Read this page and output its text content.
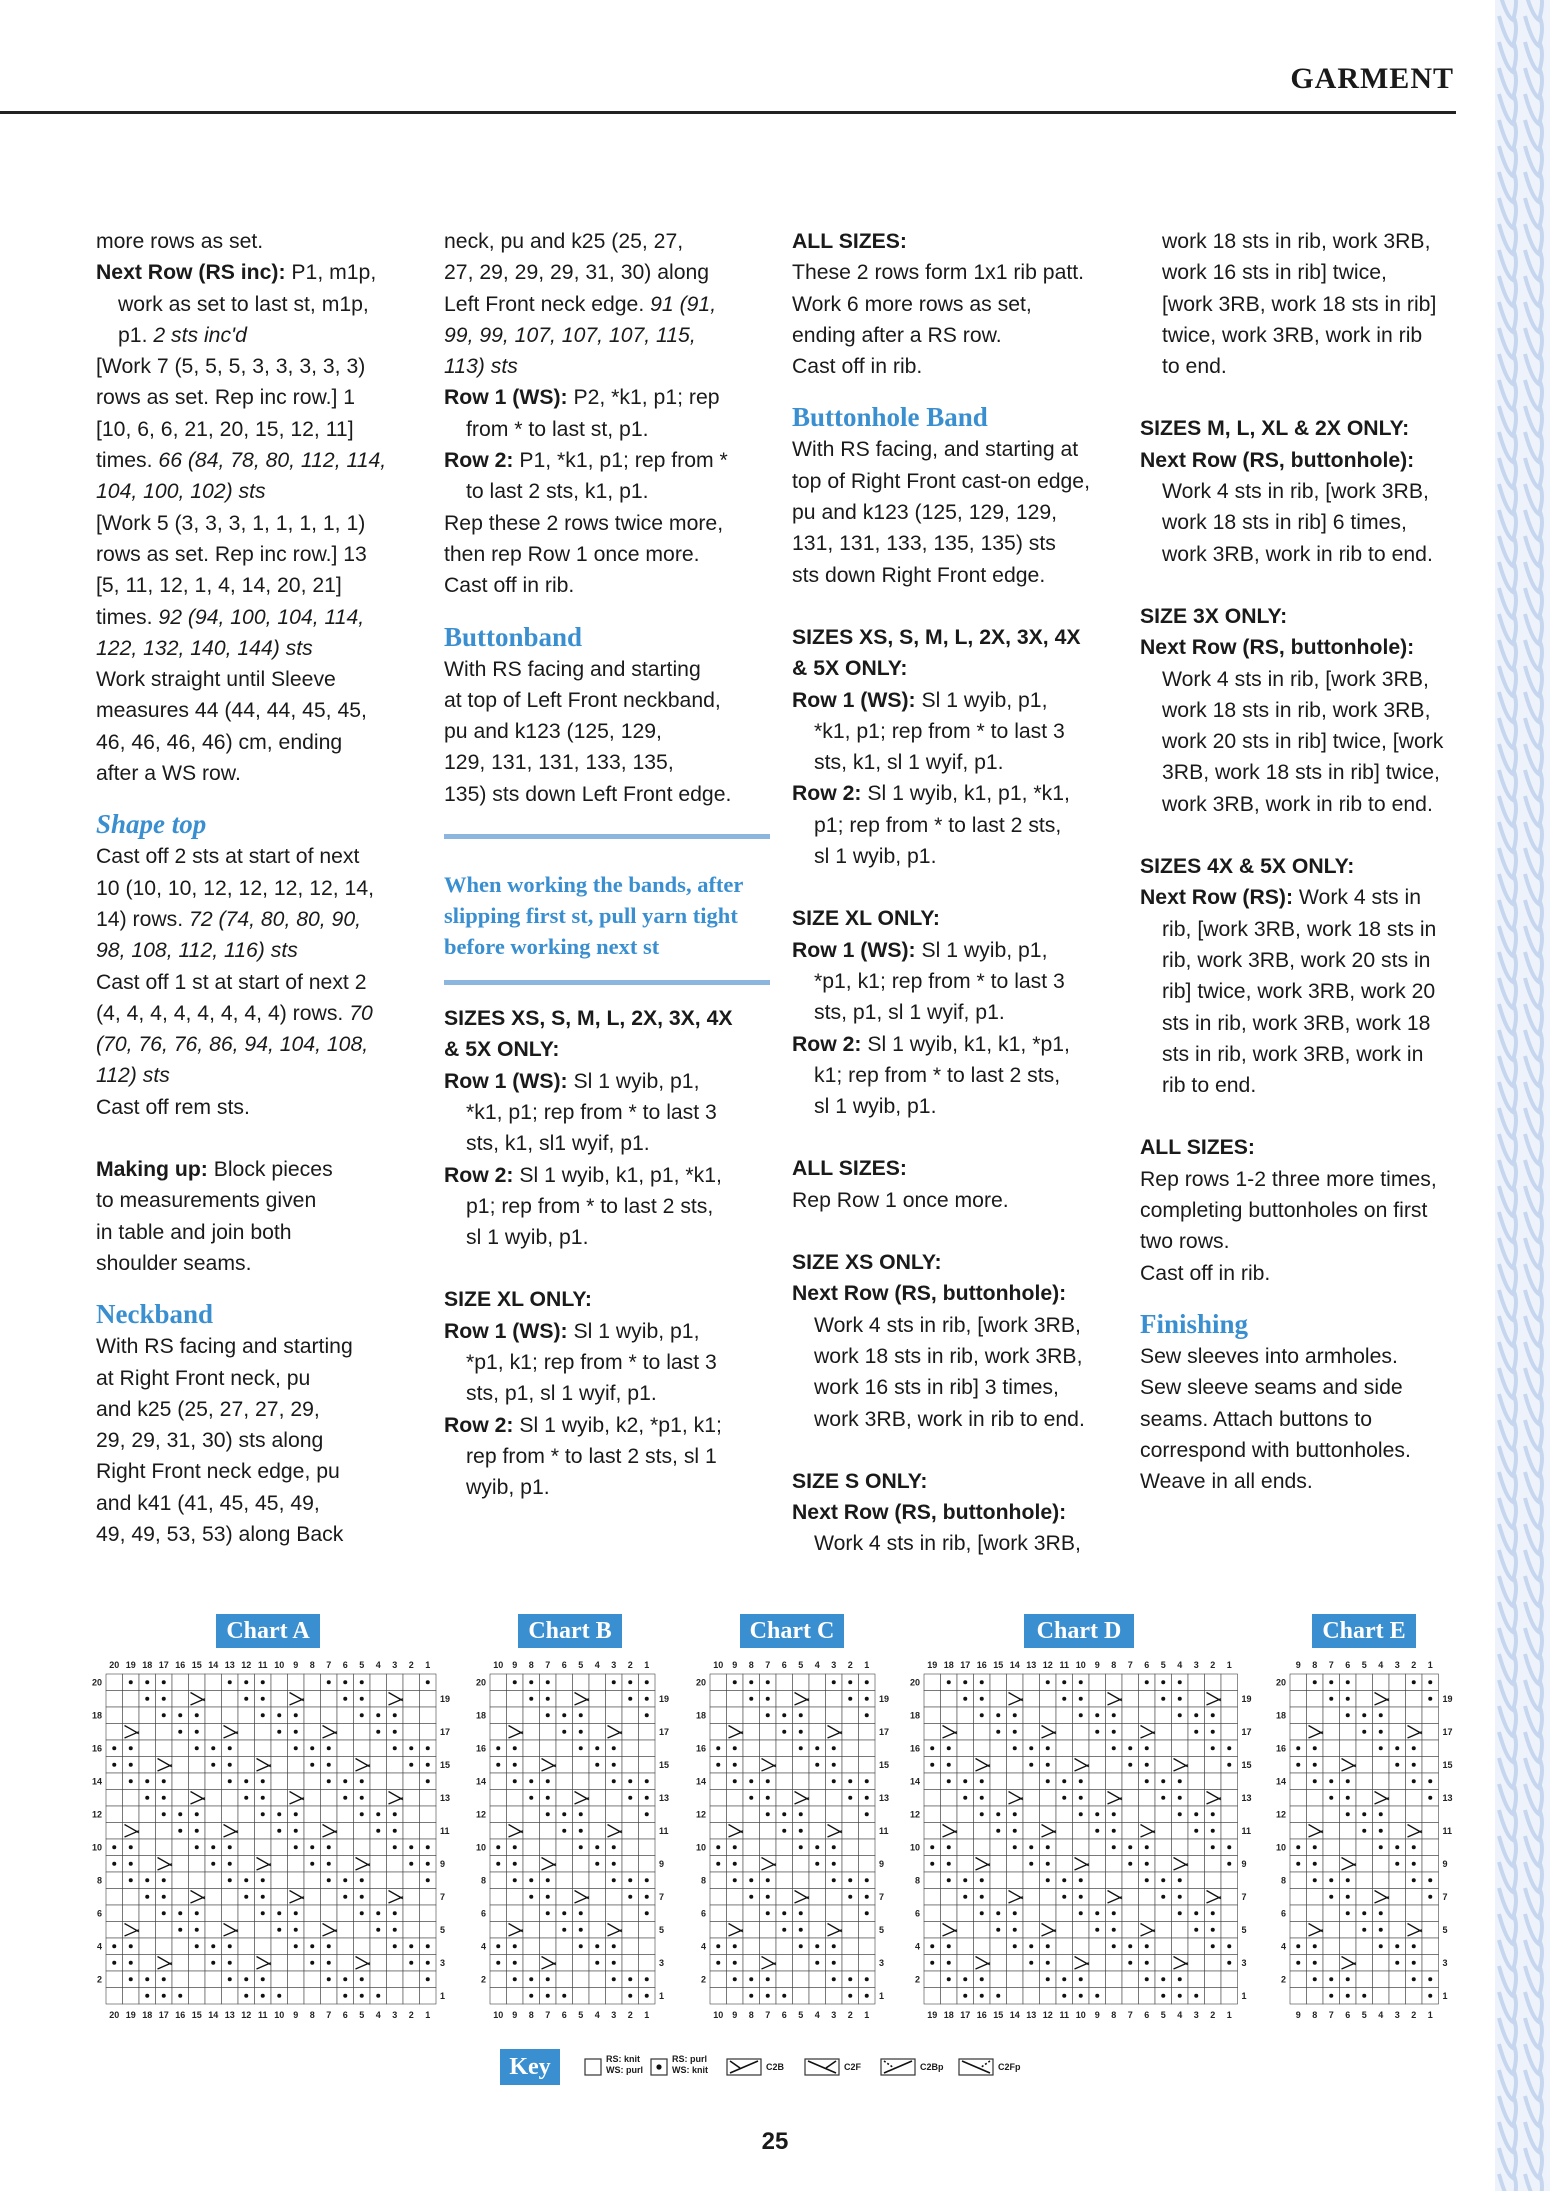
GARMENT

more rows as set.

Next Row (RS inc): P1, m1p,

work as set to last st, m1p,

p1. 2 sts inc'd

[Work 7 (5, 5, 5, 3, 3, 3, 3, 3)

rows as set. Rep inc row.] 1

[10, 6, 6, 21, 20, 15, 12, 11]

times. 66 (84, 78, 80, 112, 114,

104, 100, 102) sts

[Work 5 (3, 3, 3, 1, 1, 1, 1, 1)

rows as set. Rep inc row.] 13

[5, 11, 12, 1, 4, 14, 20, 21]

times. 92 (94, 100, 104, 114,

122, 132, 140, 144) sts

Work straight until Sleeve

measures 44 (44, 44, 45, 45,

46, 46, 46, 46) cm, ending

after a WS row.

Shape top

Cast off 2 sts at start of next

10 (10, 10, 12, 12, 12, 12, 14,

14) rows. 72 (74, 80, 80, 90,

98, 108, 112, 116) sts

Cast off 1 st at start of next 2

(4, 4, 4, 4, 4, 4, 4, 4) rows. 70

(70, 76, 76, 86, 94, 104, 108,

112) sts

Cast off rem sts.

Making up: Block pieces

to measurements given

in table and join both

shoulder seams.

Neckband

With RS facing and starting

at Right Front neck, pu

and k25 (25, 27, 27, 29,

29, 29, 31, 30) sts along

Right Front neck edge, pu

and k41 (41, 45, 45, 49,

49, 49, 53, 53) along Back

neck, pu and k25 (25, 27,

27, 29, 29, 29, 31, 30) along

Left Front neck edge. 91 (91,

99, 99, 107, 107, 107, 115,

113) sts

Row 1 (WS): P2, *k1, p1; rep

from * to last st, p1.

Row 2: P1, *k1, p1; rep from *

to last 2 sts, k1, p1.

Rep these 2 rows twice more,

then rep Row 1 once more.

Cast off in rib.

Buttonband

With RS facing and starting

at top of Left Front neckband,

pu and k123 (125, 129,

129, 131, 131, 133, 135,

135) sts down Left Front edge.

When working the bands, after slipping first st, pull yarn tight before working next st

SIZES XS, S, M, L, 2X, 3X, 4X

& 5X ONLY:

Row 1 (WS): Sl 1 wyib, p1,

*k1, p1; rep from * to last 3

sts, k1, sl1 wyif, p1.

Row 2: Sl 1 wyib, k1, p1, *k1,

p1; rep from * to last 2 sts,

sl 1 wyib, p1.

SIZE XL ONLY:

Row 1 (WS): Sl 1 wyib, p1,

*p1, k1; rep from * to last 3

sts, p1, sl 1 wyif, p1.

Row 2: Sl 1 wyib, k2, *p1, k1;

rep from * to last 2 sts, sl 1

wyib, p1.

ALL SIZES:

These 2 rows form 1x1 rib patt.

Work 6 more rows as set,

ending after a RS row.

Cast off in rib.

Buttonhole Band

With RS facing, and starting at

top of Right Front cast-on edge,

pu and k123 (125, 129, 129,

131, 131, 133, 135, 135) sts

sts down Right Front edge.

SIZES XS, S, M, L, 2X, 3X, 4X

& 5X ONLY:

Row 1 (WS): Sl 1 wyib, p1,

*k1, p1; rep from * to last 3

sts, k1, sl 1 wyif, p1.

Row 2: Sl 1 wyib, k1, p1, *k1,

p1; rep from * to last 2 sts,

sl 1 wyib, p1.

SIZE XL ONLY:

Row 1 (WS): Sl 1 wyib, p1,

*p1, k1; rep from * to last 3

sts, p1, sl 1 wyif, p1.

Row 2: Sl 1 wyib, k1, k1, *p1,

k1; rep from * to last 2 sts,

sl 1 wyib, p1.

ALL SIZES:

Rep Row 1 once more.

SIZE XS ONLY:

Next Row (RS, buttonhole):

Work 4 sts in rib, [work 3RB,

work 18 sts in rib, work 3RB,

work 16 sts in rib] 3 times,

work 3RB, work in rib to end.

SIZE S ONLY:

Next Row (RS, buttonhole):

Work 4 sts in rib, [work 3RB,

work 18 sts in rib, work 3RB,

work 16 sts in rib] twice,

[work 3RB, work 18 sts in rib]

twice, work 3RB, work in rib

to end.

SIZES M, L, XL & 2X ONLY:

Next Row (RS, buttonhole):

Work 4 sts in rib, [work 3RB,

work 18 sts in rib] 6 times,

work 3RB, work in rib to end.

SIZE 3X ONLY:

Next Row (RS, buttonhole):

Work 4 sts in rib, [work 3RB,

work 18 sts in rib, work 3RB,

work 20 sts in rib] twice, [work

3RB, work 18 sts in rib] twice,

work 3RB, work in rib to end.

SIZES 4X & 5X ONLY:

Next Row (RS): Work 4 sts in

rib, [work 3RB, work 18 sts in

rib, work 3RB, work 20 sts in

rib] twice, work 3RB, work 20

sts in rib, work 3RB, work 18

sts in rib, work 3RB, work in

rib to end.

ALL SIZES:

Rep rows 1-2 three more times,

completing buttonholes on first

two rows.

Cast off in rib.

Finishing

Sew sleeves into armholes.

Sew sleeve seams and side

seams. Attach buttons to

correspond with buttonholes.

Weave in all ends.

Chart A	Chart B	Chart C	Chart D	Chart E
20
20
19
19
18
18
17
17
16
16
15
15
14
14
13
13
12
12
11
11
10
10
9
9
8
8
7
7
6
6
5
5
4
4
3
3
2
2
1
1
1
2
3
4
5
6
7
8
9
10
11
12
13
14
15
16
17
18
19
20
10
10
9
9
8
8
7
7
6
6
5
5
4
4
3
3
2
2
1
1
1
2
3
4
5
6
7
8
9
10
11
12
13
14
15
16
17
18
19
20
10
10
9
9
8
8
7
7
6
6
5
5
4
4
3
3
2
2
1
1
1
2
3
4
5
6
7
8
9
10
11
12
13
14
15
16
17
18
19
20
19
19
18
18
17
17
16
16
15
15
14
14
13
13
12
12
11
11
10
10
9
9
8
8
7
7
6
6
5
5
4
4
3
3
2
2
1
1
1
2
3
4
5
6
7
8
9
10
11
12
13
14
15
16
17
18
19
20
9
9
8
8
7
7
6
6
5
5
4
4
3
3
2
2
1
1
1
2
3
4
5
6
7
8
9
10
11
12
13
14
15
16
17
18
19
20
Key	RS: knit
WS: purl
RS: purl
WS: knit	C2B	C2F	C2Bp	C2Fp
25
